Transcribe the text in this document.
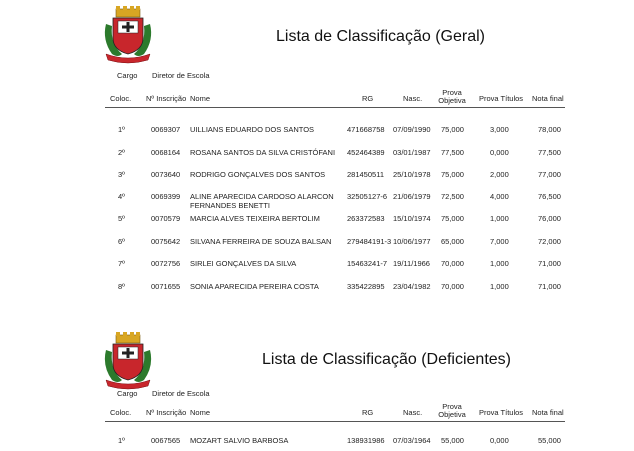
Lista de Classificação (Geral)
Cargo Diretor de Escola
Coloc. Nº Inscrição Nome	RG	Nasc.
Prova
Objetiva	Prova Títulos Nota final
1º	0069307 UILLIANS EDUARDO DOS SANTOS	471668758 07/09/1990 75,000	3,000	78,000
2º	0068164 ROSANA SANTOS DA SILVA CRISTÓFANI 452464389 03/01/1987 77,500	0,000	77,500
3º	0073640 RODRIGO GONÇALVES DOS SANTOS	281450511 25/10/1978 75,000	2,000	77,000
4º	0069399 ALINE APARECIDA CARDOSO ALARCON 32505127-6 21/06/1979 72,500	4,000	76,500
FERNANDES BENETTI
5º	0070579 MARCIA ALVES TEIXEIRA BERTOLIM	263372583 15/10/1974 75,000	1,000	76,000
6º	0075642 SILVANA FERREIRA DE SOUZA BALSAN 279484191-3 10/06/1977 65,000	7,000	72,000
7º	0072756 SIRLEI GONÇALVES DA SILVA	15463241-7 19/11/1966 70,000	1,000	71,000
8º	0071655 SONIA APARECIDA PEREIRA COSTA	335422895 23/04/1982 70,000	1,000	71,000
Lista de Classificação (Deficientes)
Cargo Diretor de Escola
Coloc. Nº Inscrição Nome	RG	Nasc.
Prova
Objetiva	Prova Títulos Nota final
1º	0067565 MOZART SALVIO BARBOSA	138931986 07/03/1964 55,000	0,000	55,000
